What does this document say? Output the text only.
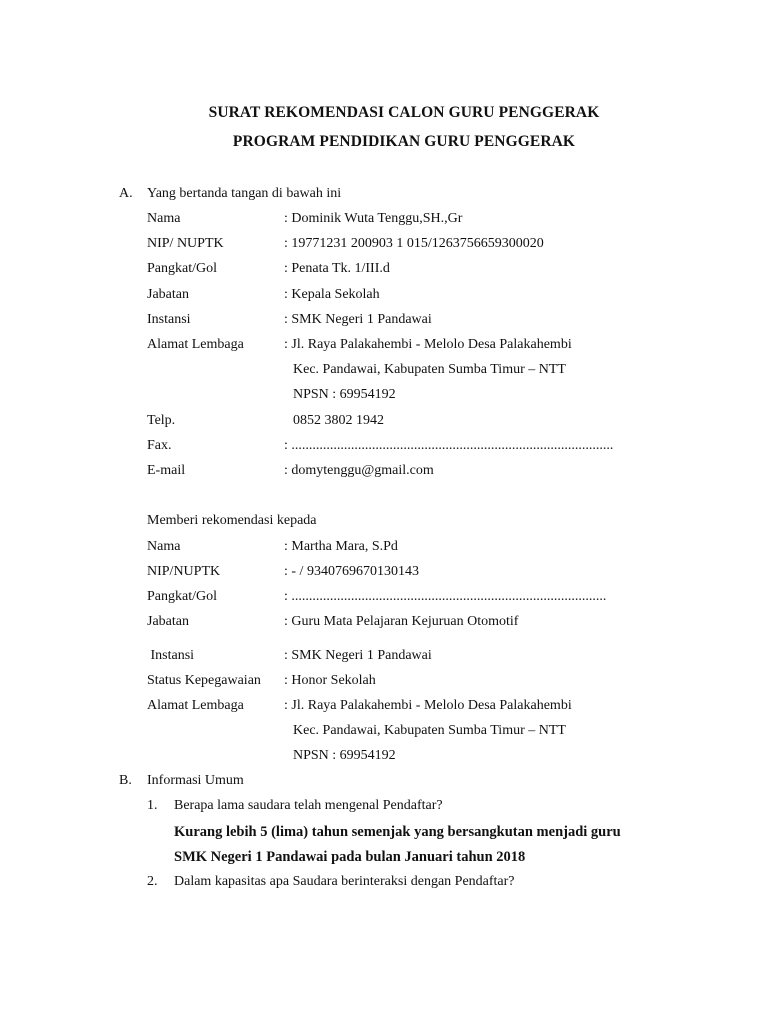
SURAT REKOMENDASI CALON GURU PENGGERAK
PROGRAM PENDIDIKAN GURU PENGGERAK
A. Yang bertanda tangan di bawah ini
Nama	: Dominik Wuta Tenggu,SH.,Gr
NIP/ NUPTK	: 19771231 200903 1 015/1263756659300020
Pangkat/Gol	: Penata Tk. 1/III.d
Jabatan	: Kepala Sekolah
Instansi	: SMK Negeri 1 Pandawai
Alamat Lembaga	: Jl. Raya Palakahembi - Melolo Desa Palakahembi
Kec. Pandawai, Kabupaten Sumba Timur – NTT
NPSN : 69954192
Telp.	0852 3802 1942
Fax.	: ............................................................................................
E-mail	: domytenggu@gmail.com
Memberi rekomendasi kepada
Nama	: Martha Mara, S.Pd
NIP/NUPTK	: - / 9340769670130143
Pangkat/Gol	: ..........................................................................................
Jabatan	: Guru Mata Pelajaran Kejuruan Otomotif
Instansi	: SMK Negeri 1 Pandawai
Status Kepegawaian : Honor Sekolah
Alamat Lembaga	: Jl. Raya Palakahembi - Melolo Desa Palakahembi
Kec. Pandawai, Kabupaten Sumba Timur – NTT
NPSN : 69954192
B. Informasi Umum
1. Berapa lama saudara telah mengenal Pendaftar?
Kurang lebih 5 (lima) tahun semenjak yang bersangkutan menjadi guru
SMK Negeri 1 Pandawai pada bulan Januari tahun 2018
2. Dalam kapasitas apa Saudara berinteraksi dengan Pendaftar?
